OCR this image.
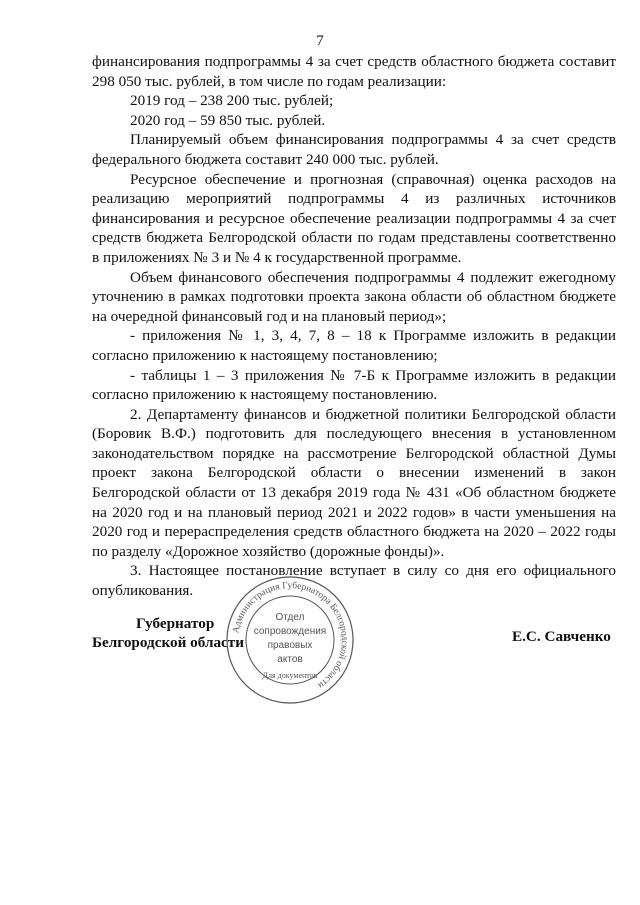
7

финансирования подпрограммы 4 за счет средств областного бюджета составит 298 050 тыс. рублей, в том числе по годам реализации:

2019 год – 238 200 тыс. рублей;

2020 год – 59 850 тыс. рублей.

Планируемый объем финансирования подпрограммы 4 за счет средств федерального бюджета составит 240 000 тыс. рублей.

Ресурсное обеспечение и прогнозная (справочная) оценка расходов на реализацию мероприятий подпрограммы 4 из различных источников финансирования и ресурсное обеспечение реализации подпрограммы 4 за счет средств бюджета Белгородской области по годам представлены соответственно в приложениях № 3 и № 4 к государственной программе.

Объем финансового обеспечения подпрограммы 4 подлежит ежегодному уточнению в рамках подготовки проекта закона области об областном бюджете на очередной финансовый год и на плановый период»;

- приложения № 1, 3, 4, 7, 8 – 18 к Программе изложить в редакции согласно приложению к настоящему постановлению;

- таблицы 1 – 3 приложения № 7-Б к Программе изложить в редакции согласно приложению к настоящему постановлению.

2. Департаменту финансов и бюджетной политики Белгородской области (Боровик В.Ф.) подготовить для последующего внесения в установленном законодательством порядке на рассмотрение Белгородской областной Думы проект закона Белгородской области о внесении изменений в закон Белгородской области от 13 декабря 2019 года № 431 «Об областном бюджете на 2020 год и на плановый период 2021 и 2022 годов» в части уменьшения на 2020 год и перераспределения средств областного бюджета на 2020 – 2022 годы по разделу «Дорожное хозяйство (дорожные фонды)».

3. Настоящее постановление вступает в силу со дня его официального опубликования.

Губернатор
Белгородской области	Е.С. Савченко
Администрация Губернатора Белгородской области
Отдел
сопровождения
правовых
актов
Для документов
